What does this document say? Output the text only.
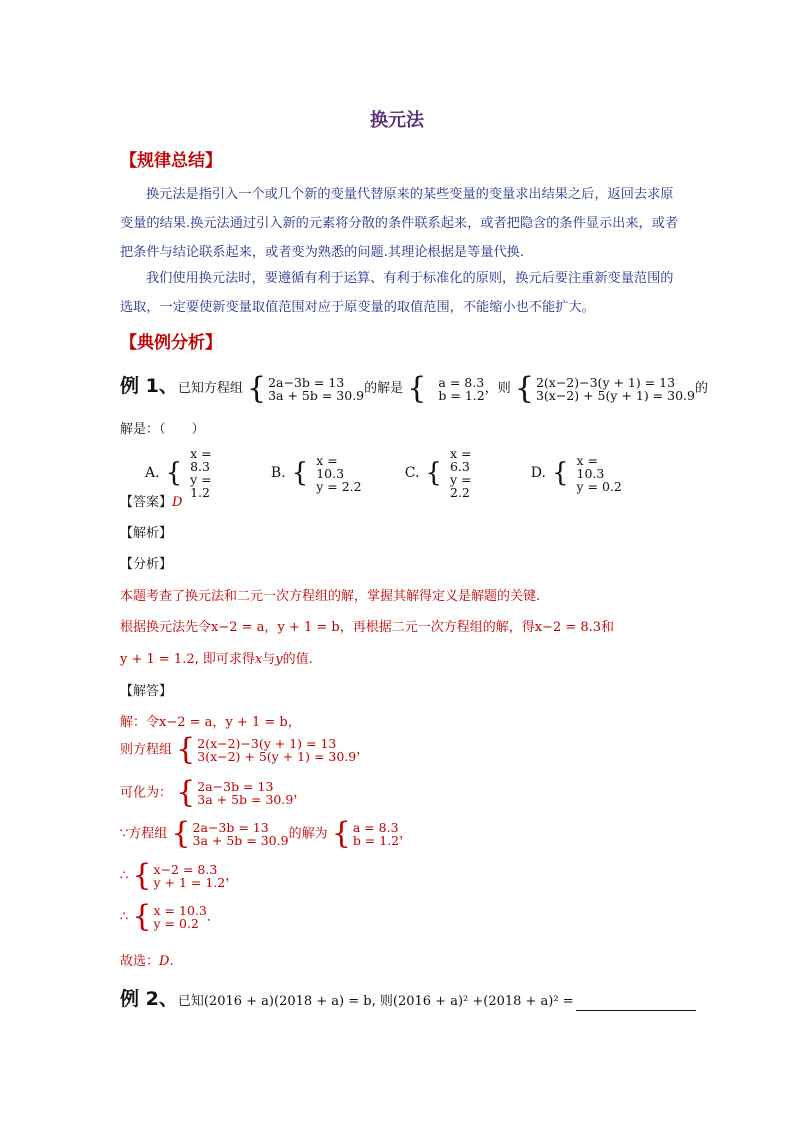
换元法
【规律总结】
换元法是指引入一个或几个新的变量代替原来的某些变量的变量求出结果之后，返回去求原变量的结果.换元法通过引入新的元素将分散的条件联系起来，或者把隐含的条件显示出来，或者把条件与结论联系起来，或者变为熟悉的问题.其理论根据是等量代换.
我们使用换元法时，要遵循有利于运算、有利于标准化的原则，换元后要注重新变量范围的选取，一定要使新变量取值范围对应于原变量的取值范围，不能缩小也不能扩大。
【典例分析】
例 1、已知方程组 { 2a−3b = 13
3a + 5b = 30.9 的解是 { a = 8.3
b = 1.2 ，则 { 2(x−2)−3(y + 1) = 13
3(x−2) + 5(y + 1) = 30.9 的
解是：（　　）
A. {
x = 8.3
y = 1.2
B. { x = 10.3
y = 2.2
C. {
x = 6.3
y = 2.2
D. { x = 10.3
y = 0.2
【答案】D
【解析】
【分析】
本题考查了换元法和二元一次方程组的解，掌握其解得定义是解题的关键.
根据换元法先令x−2 = a，y + 1 = b，再根据二元一次方程组的解，得x−2 = 8.3和
y + 1 = 1.2, 即可求得x与y的值.
【解答】
解：令x−2 = a，y + 1 = b，
则方程组 { 2(x−2)−3(y + 1) = 13
3(x−2) + 5(y + 1) = 30.9 ，
可化为： { 2a−3b = 13
3a + 5b = 30.9 ，
∵方程组 { 2a−3b = 13
3a + 5b = 30.9 的解为 { a = 8.3
b = 1.2 ，
∴ { x−2 = 8.3
y + 1 = 1.2 ，
∴ { x = 10.3
y = 0.2 ．
故选：D.
例 2、已知(2016 + a)(2018 + a) = b, 则(2016 + a)² +(2018 + a)² =
